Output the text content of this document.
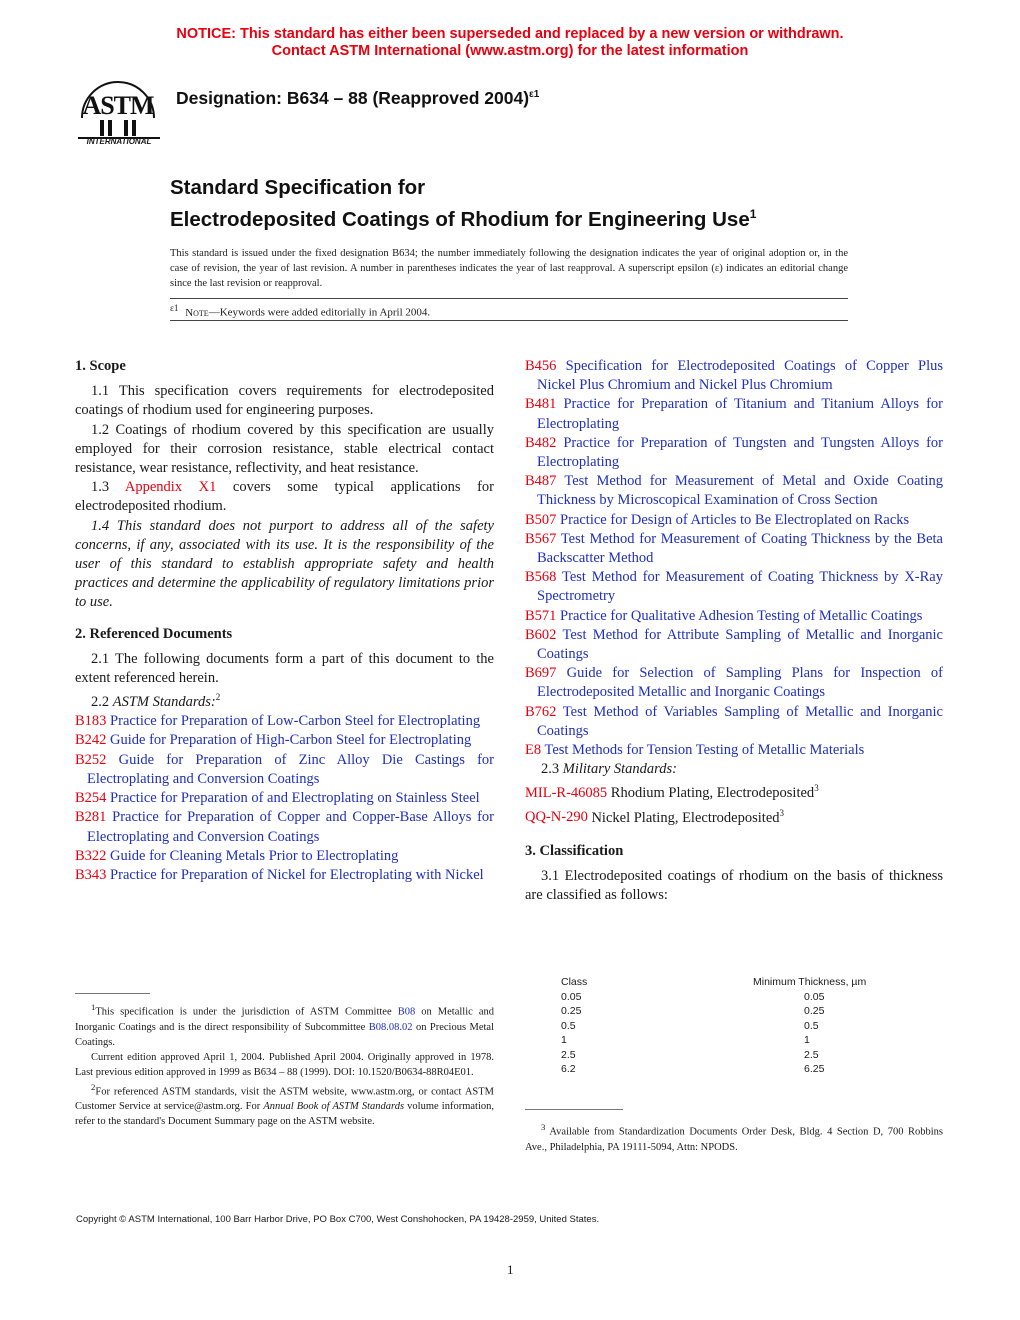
NOTICE: This standard has either been superseded and replaced by a new version or withdrawn.
Contact ASTM International (www.astm.org) for the latest information
ASTM
INTERNATIONAL
Designation: B634 – 88 (Reapproved 2004)$^{\varepsilon 1}$
Standard Specification for
Electrodeposited Coatings of Rhodium for Engineering Use$^1$
This standard is issued under the fixed designation B634; the number immediately following the designation indicates the year of original adoption or, in the case of revision, the year of last revision. A number in parentheses indicates the year of last reapproval. A superscript epsilon (ε) indicates an editorial change since the last revision or reapproval.
$^{\varepsilon 1}$ Note—Keywords were added editorially in April 2004.

1. Scope

1.1 This specification covers requirements for electrodeposited coatings of rhodium used for engineering purposes.

1.2 Coatings of rhodium covered by this specification are usually employed for their corrosion resistance, stable electrical contact resistance, wear resistance, reflectivity, and heat resistance.

1.3 Appendix X1 covers some typical applications for electrodeposited rhodium.

1.4 This standard does not purport to address all of the safety concerns, if any, associated with its use. It is the responsibility of the user of this standard to establish appropriate safety and health practices and determine the applicability of regulatory limitations prior to use.

2. Referenced Documents

2.1 The following documents form a part of this document to the extent referenced herein.

2.2 ASTM Standards:$^2$

B183 Practice for Preparation of Low-Carbon Steel for Electroplating

B242 Guide for Preparation of High-Carbon Steel for Electroplating

B252 Guide for Preparation of Zinc Alloy Die Castings for Electroplating and Conversion Coatings

B254 Practice for Preparation of and Electroplating on Stainless Steel

B281 Practice for Preparation of Copper and Copper-Base Alloys for Electroplating and Conversion Coatings

B322 Guide for Cleaning Metals Prior to Electroplating

B343 Practice for Preparation of Nickel for Electroplating with Nickel

$^1$This specification is under the jurisdiction of ASTM Committee B08 on Metallic and Inorganic Coatings and is the direct responsibility of Subcommittee B08.08.02 on Precious Metal Coatings.

Current edition approved April 1, 2004. Published April 2004. Originally approved in 1978. Last previous edition approved in 1999 as B634 – 88 (1999). DOI: 10.1520/B0634-88R04E01.

$^2$For referenced ASTM standards, visit the ASTM website, www.astm.org, or contact ASTM Customer Service at service@astm.org. For Annual Book of ASTM Standards volume information, refer to the standard's Document Summary page on the ASTM website.

B456 Specification for Electrodeposited Coatings of Copper Plus Nickel Plus Chromium and Nickel Plus Chromium

B481 Practice for Preparation of Titanium and Titanium Alloys for Electroplating

B482 Practice for Preparation of Tungsten and Tungsten Alloys for Electroplating

B487 Test Method for Measurement of Metal and Oxide Coating Thickness by Microscopical Examination of Cross Section

B507 Practice for Design of Articles to Be Electroplated on Racks

B567 Test Method for Measurement of Coating Thickness by the Beta Backscatter Method

B568 Test Method for Measurement of Coating Thickness by X-Ray Spectrometry

B571 Practice for Qualitative Adhesion Testing of Metallic Coatings

B602 Test Method for Attribute Sampling of Metallic and Inorganic Coatings

B697 Guide for Selection of Sampling Plans for Inspection of Electrodeposited Metallic and Inorganic Coatings

B762 Test Method of Variables Sampling of Metallic and Inorganic Coatings

E8 Test Methods for Tension Testing of Metallic Materials

2.3 Military Standards:

MIL-R-46085 Rhodium Plating, Electrodeposited$^3$

QQ-N-290 Nickel Plating, Electrodeposited$^3$

3. Classification

3.1 Electrodeposited coatings of rhodium on the basis of thickness are classified as follows:

Class	Minimum Thickness, µm
0.05	0.05
0.25	0.25
0.5	0.5
1	1
2.5	2.5
6.2	6.25

$^3$ Available from Standardization Documents Order Desk, Bldg. 4 Section D, 700 Robbins Ave., Philadelphia, PA 19111-5094, Attn: NPODS.

Copyright © ASTM International, 100 Barr Harbor Drive, PO Box C700, West Conshohocken, PA 19428-2959, United States.
1
